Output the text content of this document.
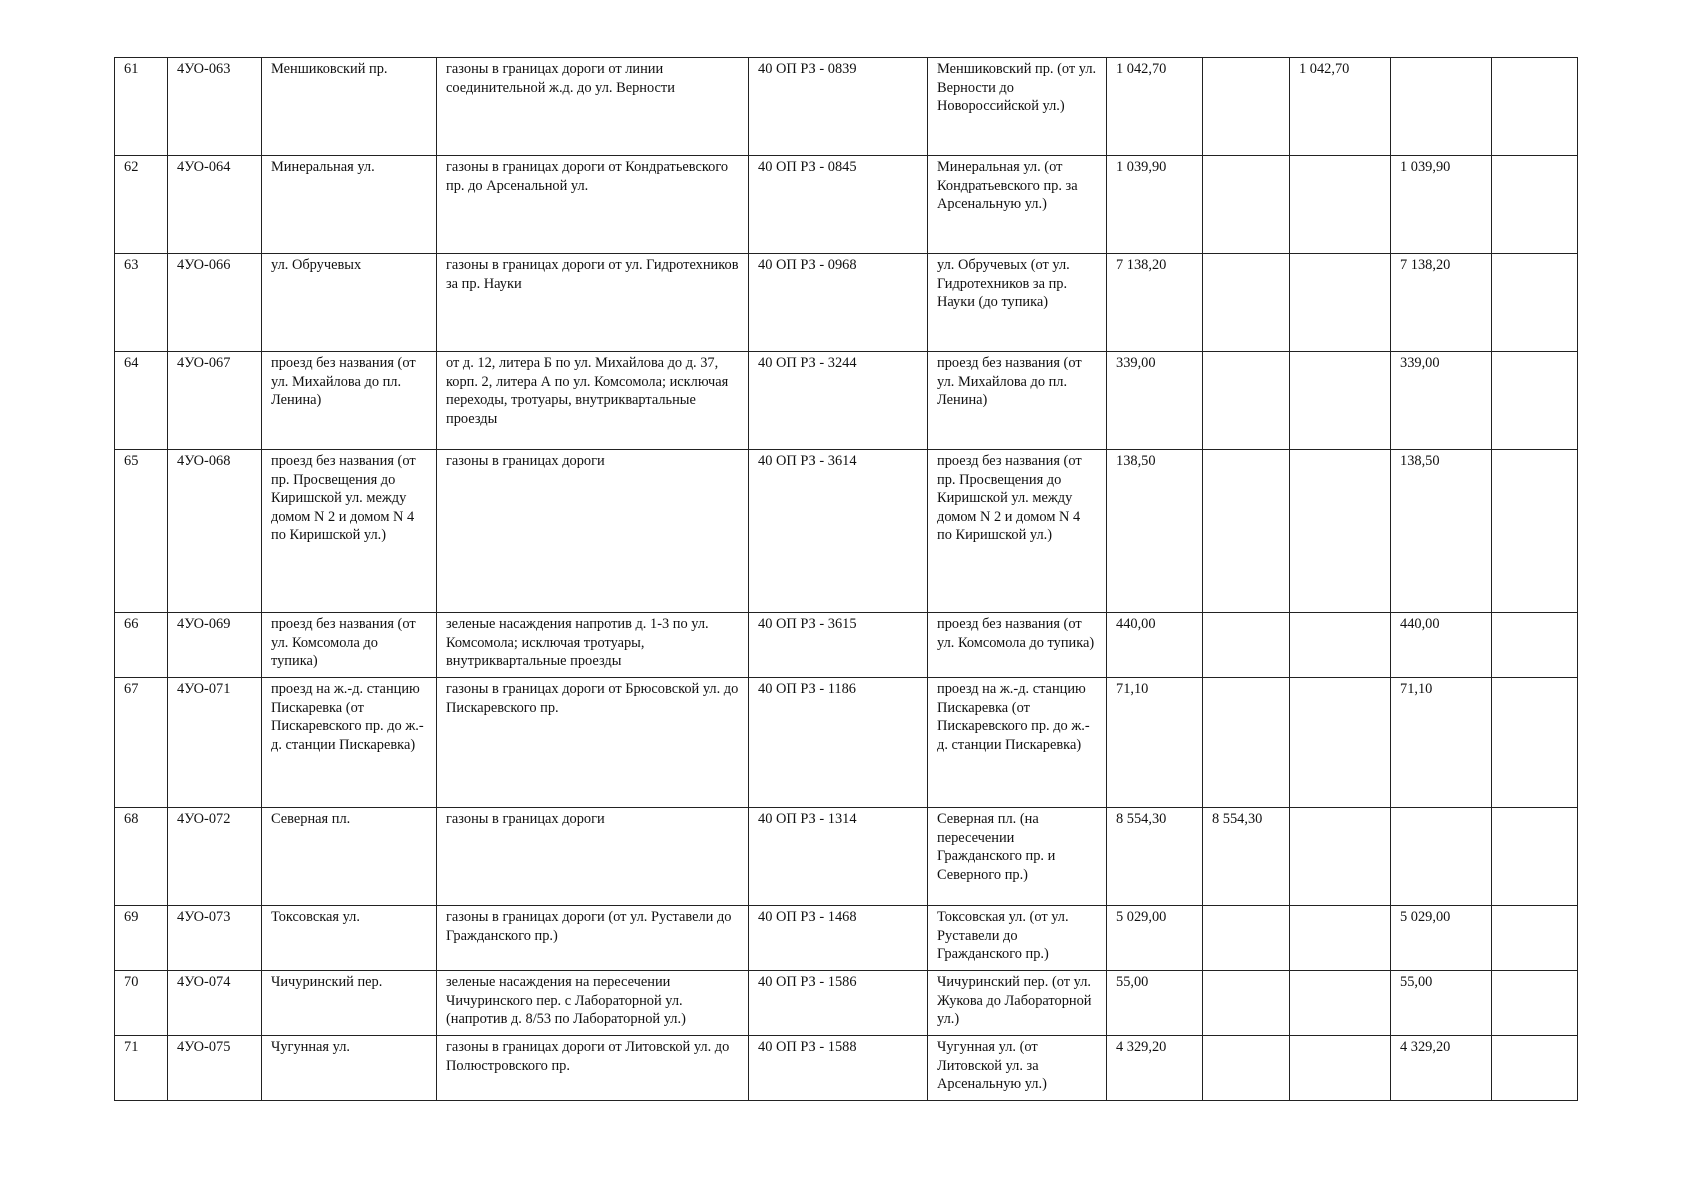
61	4УО-063	Меншиковский пр.	газоны в границах дороги от линии соединительной ж.д. до ул. Верности	40 ОП РЗ - 0839	Меншиковский пр. (от ул. Верности до Новороссийской ул.)	1 042,70		1 042,70		
62	4УО-064	Минеральная ул.	газоны в границах дороги от Кондратьевского пр. до Арсенальной ул.	40 ОП РЗ - 0845	Минеральная ул. (от Кондратьевского пр. за Арсенальную ул.)	1 039,90			1 039,90	
63	4УО-066	ул. Обручевых	газоны в границах дороги от ул. Гидротехников за пр. Науки	40 ОП РЗ - 0968	ул. Обручевых (от ул. Гидротехников за пр. Науки (до тупика)	7 138,20			7 138,20	
64	4УО-067	проезд без названия (от ул. Михайлова до пл. Ленина)	от д. 12, литера Б по ул. Михайлова до д. 37, корп. 2, литера А по ул. Комсомола; исключая переходы, тротуары, внутриквартальные проезды	40 ОП РЗ - 3244	проезд без названия (от ул. Михайлова до пл. Ленина)	339,00			339,00	
65	4УО-068	проезд без названия (от пр. Просвещения до Киришской ул. между домом N 2 и домом N 4 по Киришской ул.)	газоны в границах дороги	40 ОП РЗ - 3614	проезд без названия (от пр. Просвещения до Киришской ул. между домом N 2 и домом N 4 по Киришской ул.)	138,50			138,50	
66	4УО-069	проезд без названия (от ул. Комсомола до тупика)	зеленые насаждения напротив д. 1-3 по ул. Комсомола; исключая тротуары, внутриквартальные проезды	40 ОП РЗ - 3615	проезд без названия (от ул. Комсомола до тупика)	440,00			440,00	
67	4УО-071	проезд на ж.-д. станцию Пискаревка (от Пискаревского пр. до ж.-д. станции Пискаревка)	газоны в границах дороги от Брюсовской ул. до
Пискаревского пр.	40 ОП РЗ - 1186	проезд на ж.-д. станцию Пискаревка (от Пискаревского пр. до ж.-д. станции Пискаревка)	71,10			71,10	
68	4УО-072	Северная пл.	газоны в границах дороги	40 ОП РЗ - 1314	Северная пл. (на пересечении Гражданского пр. и Северного пр.)	8 554,30	8 554,30			
69	4УО-073	Токсовская ул.	газоны в границах дороги (от ул. Руставели до Гражданского пр.)	40 ОП РЗ - 1468	Токсовская ул. (от ул. Руставели до Гражданского пр.)	5 029,00			5 029,00	
70	4УО-074	Чичуринский пер.	зеленые насаждения на пересечении Чичуринского пер. с Лабораторной ул. (напротив д. 8/53 по Лабораторной ул.)	40 ОП РЗ - 1586	Чичуринский пер. (от ул. Жукова до Лабораторной ул.)	55,00			55,00	
71	4УО-075	Чугунная ул.	газоны в границах дороги от Литовской ул. до Полюстровского пр.	40 ОП РЗ - 1588	Чугунная ул. (от Литовской ул. за Арсенальную ул.)	4 329,20			4 329,20	
